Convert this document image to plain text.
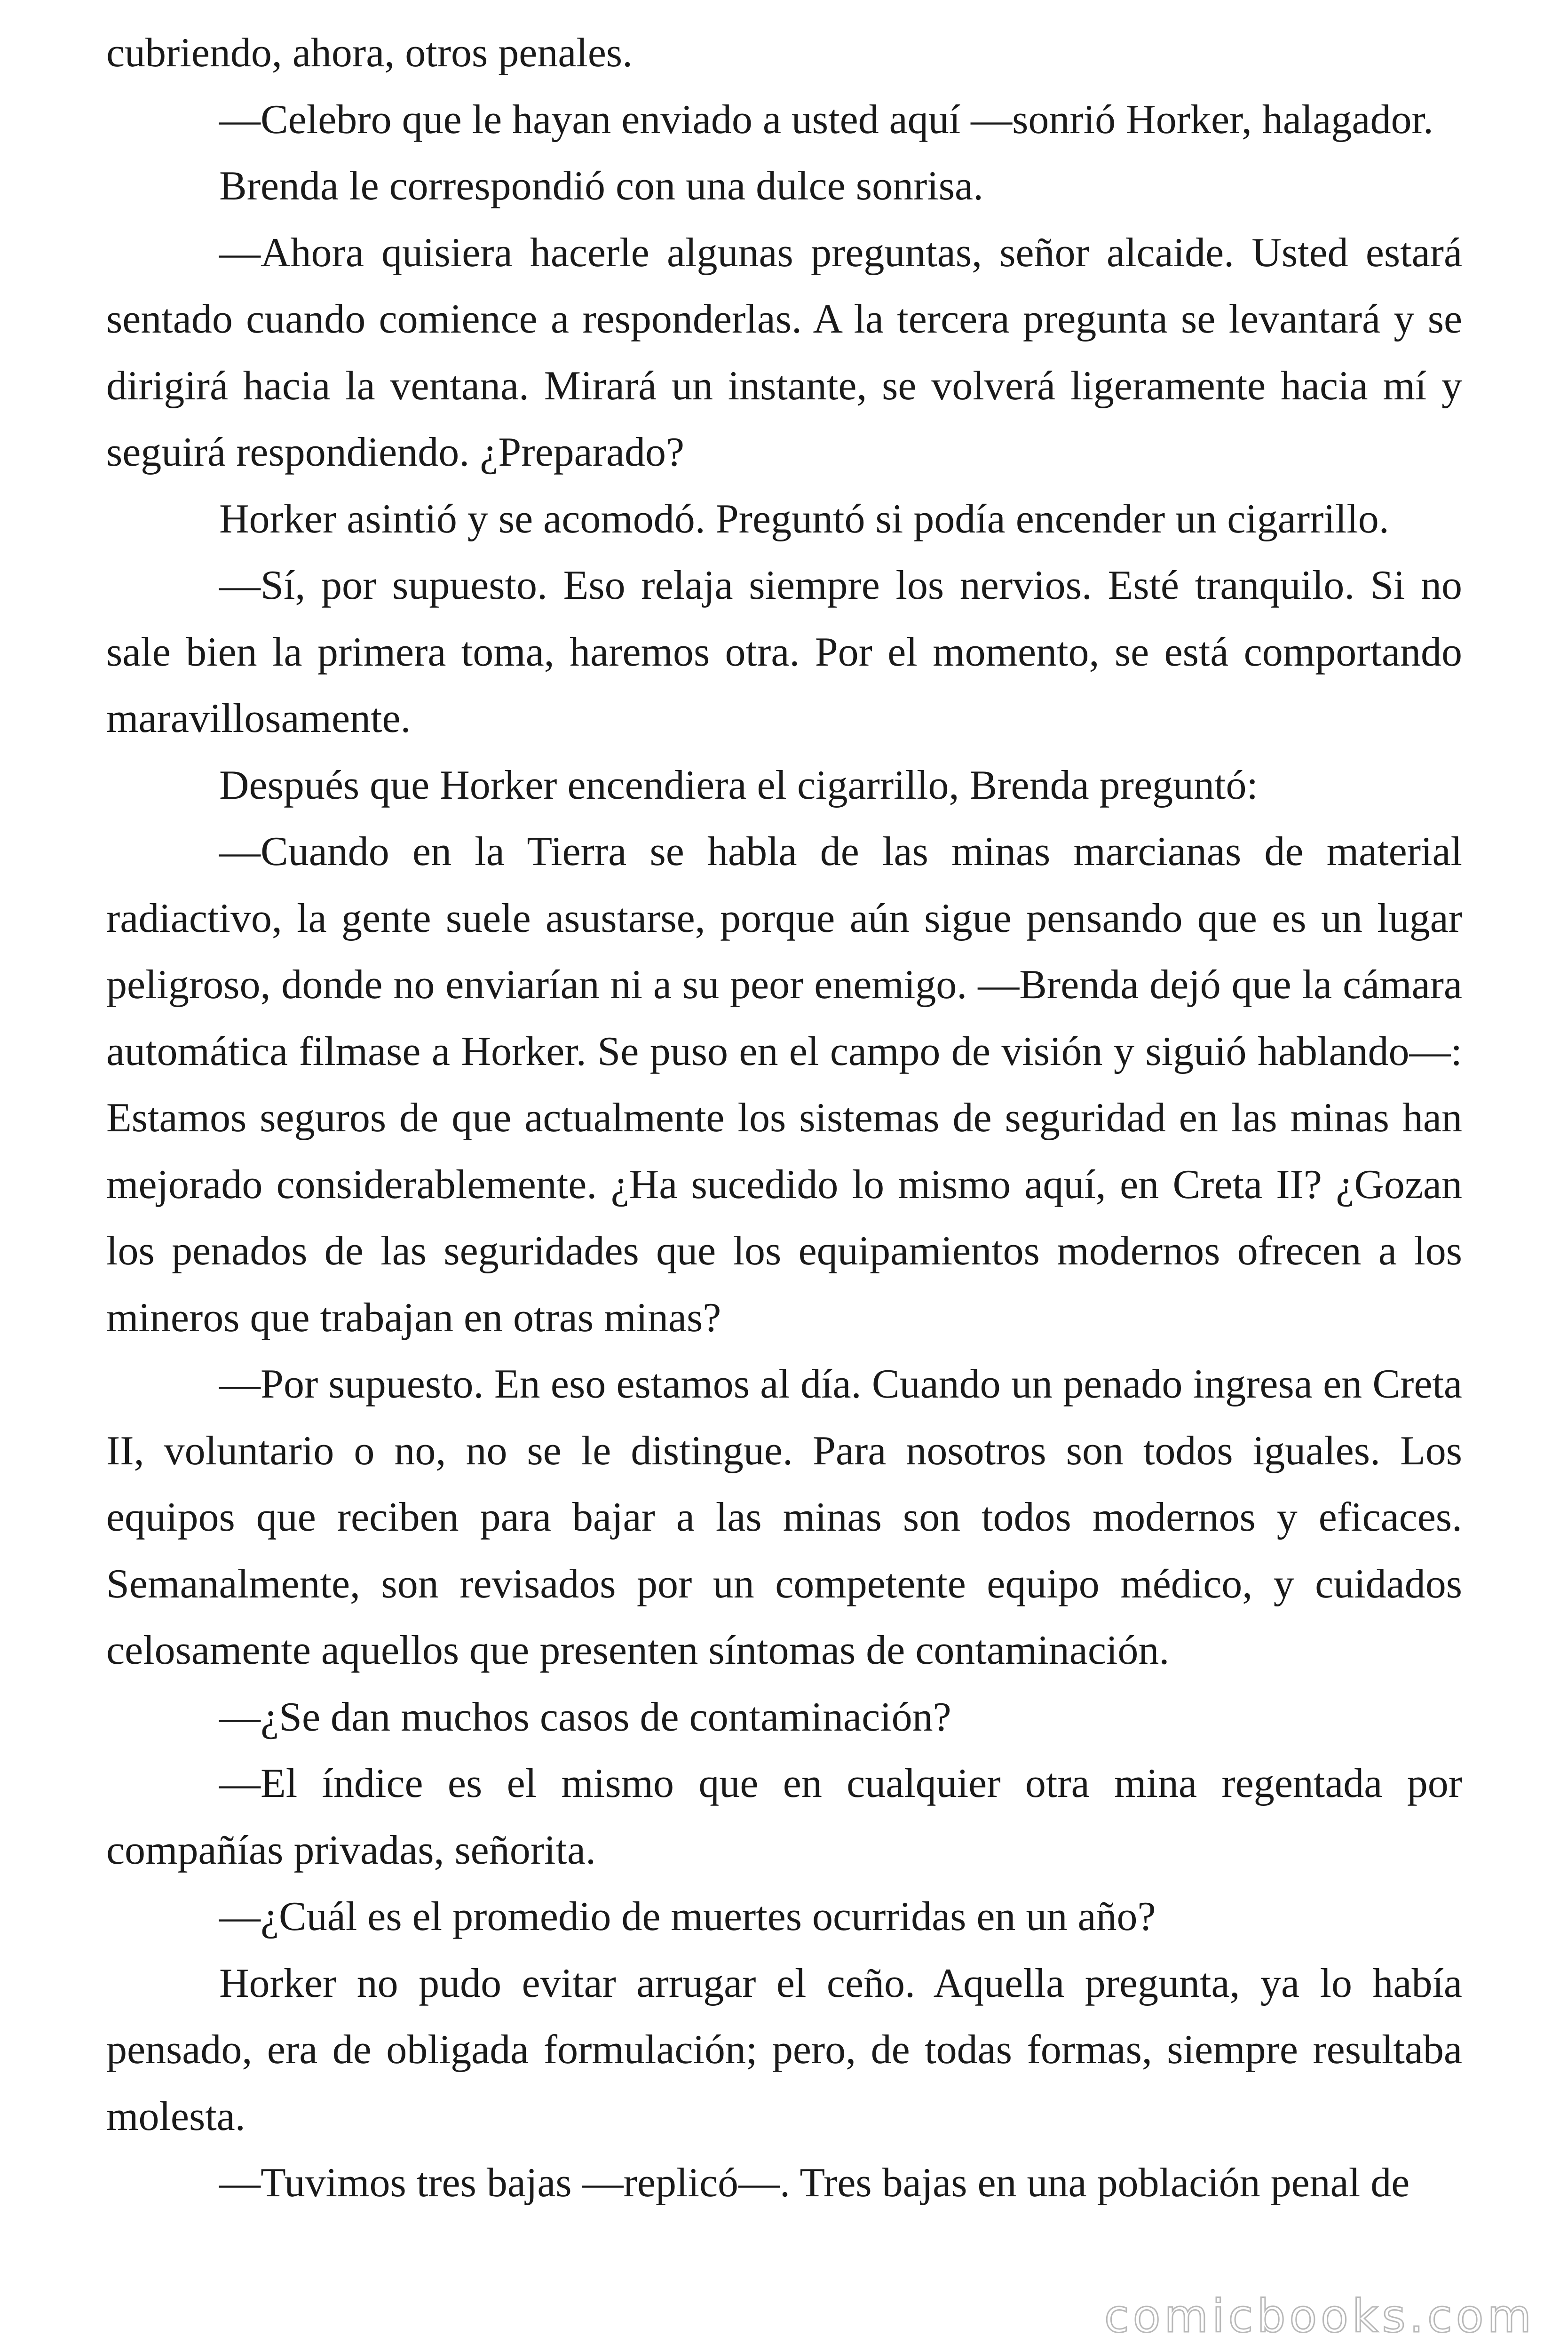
cubriendo, ahora, otros penales.

—Celebro que le hayan enviado a usted aquí —sonrió Horker, halagador.

Brenda le correspondió con una dulce sonrisa.

—Ahora quisiera hacerle algunas preguntas, señor alcaide. Usted estará sentado cuando comience a responderlas. A la tercera pregunta se levantará y se dirigirá hacia la ventana. Mirará un instante, se volverá ligeramente hacia mí y seguirá respondiendo. ¿Preparado?

Horker asintió y se acomodó. Preguntó si podía encender un cigarrillo.

—Sí, por supuesto. Eso relaja siempre los nervios. Esté tranquilo. Si no sale bien la primera toma, haremos otra. Por el momento, se está comportando maravillosamente.

Después que Horker encendiera el cigarrillo, Brenda preguntó:

—Cuando en la Tierra se habla de las minas marcianas de material radiactivo, la gente suele asustarse, porque aún sigue pensando que es un lugar peligroso, donde no enviarían ni a su peor enemigo. —Brenda dejó que la cámara automática filmase a Horker. Se puso en el campo de visión y siguió hablando—: Estamos seguros de que actualmente los sistemas de seguridad en las minas han mejorado considerablemente. ¿Ha sucedido lo mismo aquí, en Creta II? ¿Gozan los penados de las seguridades que los equipamientos modernos ofrecen a los mineros que trabajan en otras minas?

—Por supuesto. En eso estamos al día. Cuando un penado ingresa en Creta II, voluntario o no, no se le distingue. Para nosotros son todos iguales. Los equipos que reciben para bajar a las minas son todos modernos y eficaces. Semanalmente, son revisados por un competente equipo médico, y cuidados celosamente aquellos que presenten síntomas de contaminación.

—¿Se dan muchos casos de contaminación?

—El índice es el mismo que en cualquier otra mina regentada por compañías privadas, señorita.

—¿Cuál es el promedio de muertes ocurridas en un año?

Horker no pudo evitar arrugar el ceño. Aquella pregunta, ya lo había pensado, era de obligada formulación; pero, de todas formas, siempre resultaba molesta.

—Tuvimos tres bajas —replicó—. Tres bajas en una población penal de

comicbooks.com
